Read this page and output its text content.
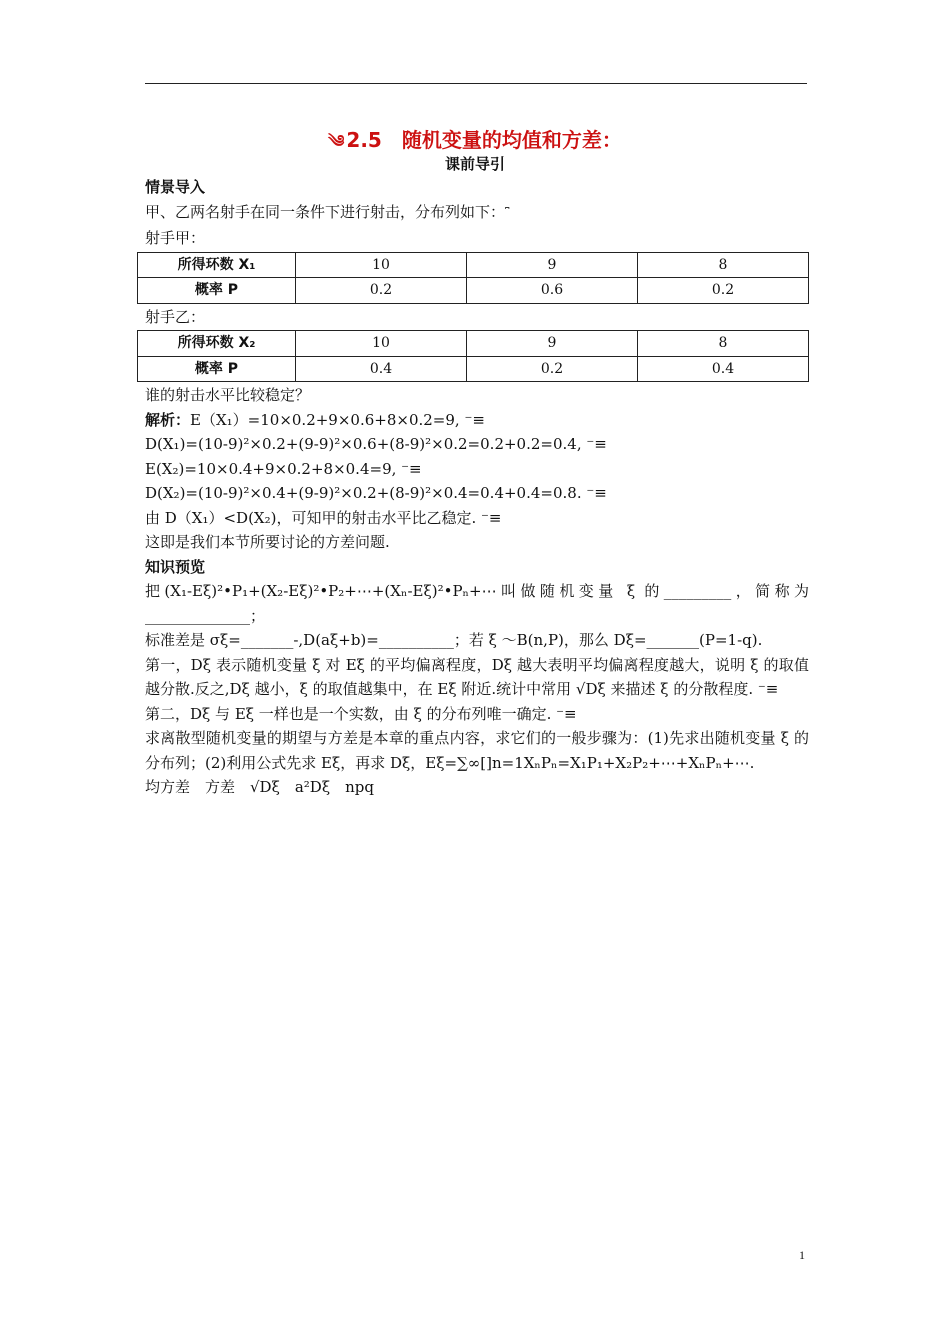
༄ 2.5　随机变量的均值和方差：
课前导引

情景导入

甲、乙两名射手在同一条件下进行射击，分布列如下：⎴

射手甲：

所得环数 X₁	10	9	8
概率 P	0.2	0.6	0.2

射手乙：

所得环数 X₂	10	9	8
概率 P	0.4	0.2	0.4

谁的射击水平比较稳定？

解析：E（X₁）=10×0.2+9×0.6+8×0.2=9, ⁻≡

D(X₁)=(10-9)²×0.2+(9-9)²×0.6+(8-9)²×0.2=0.2+0.2=0.4, ⁻≡

E(X₂)=10×0.4+9×0.2+8×0.4=9, ⁻≡

D(X₂)=(10-9)²×0.4+(9-9)²×0.2+(8-9)²×0.4=0.4+0.4=0.8. ⁻≡

由 D（X₁）<D(X₂)，可知甲的射击水平比乙稳定. ⁻≡

这即是我们本节所要讨论的方差问题.

知识预览

把(X₁-Eξ)²•P₁+(X₂-Eξ)²•P₂+⋯+(Xₙ-Eξ)²•Pₙ+⋯叫做随机变量 ξ 的_________，简称为______________；

标准差是 σξ=_______-,D(aξ+b)=__________；若 ξ ～B(n,P)，那么 Dξ=_______(P=1-q).

第一，Dξ 表示随机变量 ξ 对 Eξ 的平均偏离程度，Dξ 越大表明平均偏离程度越大，说明 ξ 的取值越分散.反之,Dξ 越小，ξ 的取值越集中，在 Eξ 附近.统计中常用 √Dξ 来描述 ξ 的分散程度. ⁻≡

第二，Dξ 与 Eξ 一样也是一个实数，由 ξ 的分布列唯一确定. ⁻≡

求离散型随机变量的期望与方差是本章的重点内容，求它们的一般步骤为：(1)先求出随机变量 ξ 的分布列；(2)利用公式先求 Eξ，再求 Dξ，Eξ=∑∞[]n=1XₙPₙ=X₁P₁+X₂P₂+⋯+XₙPₙ+⋯.

均方差　方差　√Dξ　a²Dξ　npq

1
